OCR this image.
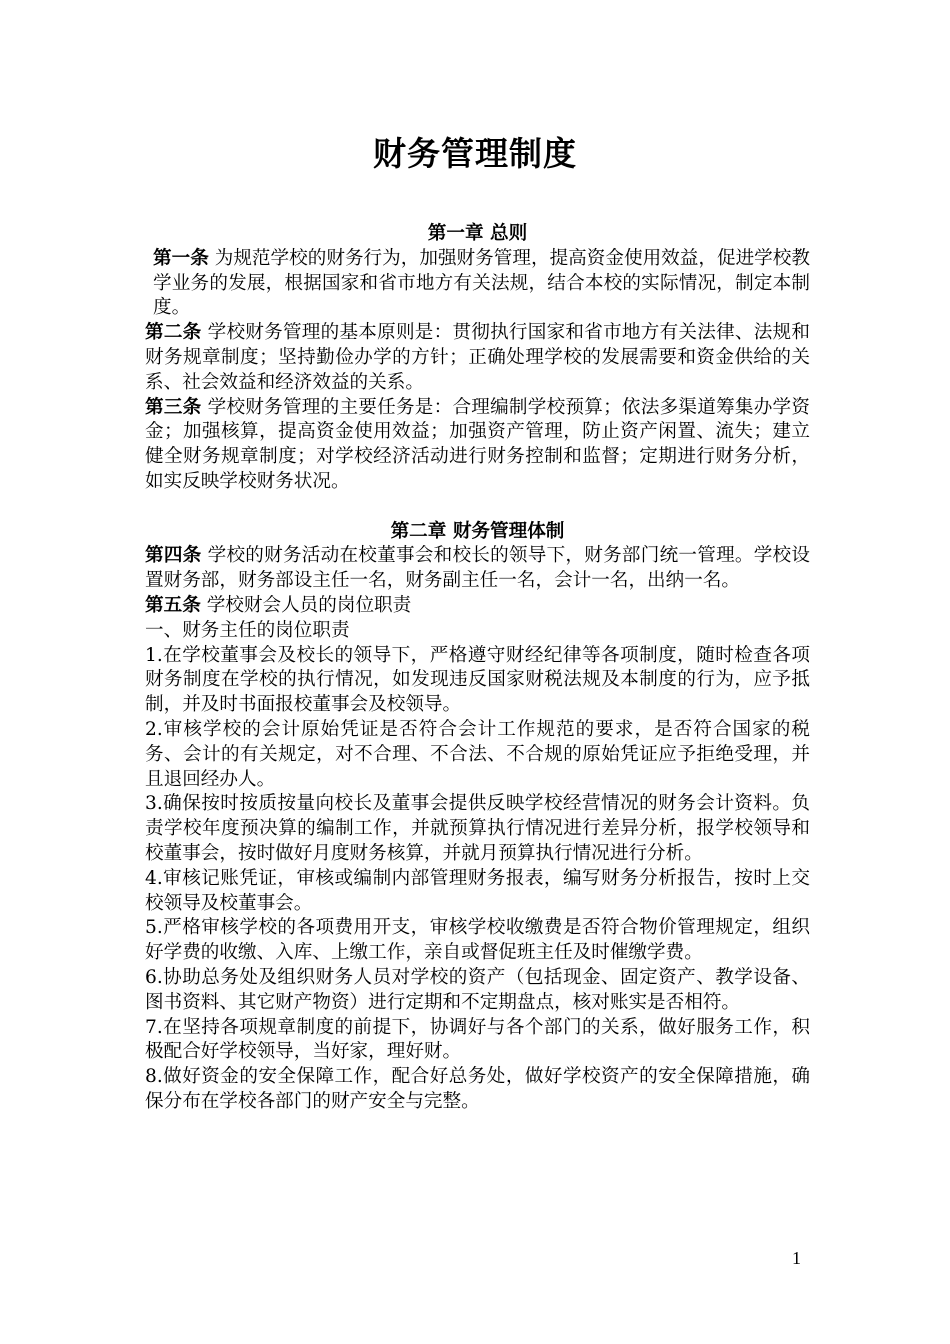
财务管理制度
第一章 总则

第一条 为规范学校的财务行为，加强财务管理，提高资金使用效益，促进学校教学业务的发展，根据国家和省市地方有关法规，结合本校的实际情况，制定本制度。

第二条 学校财务管理的基本原则是：贯彻执行国家和省市地方有关法律、法规和财务规章制度；坚持勤俭办学的方针；正确处理学校的发展需要和资金供给的关系、社会效益和经济效益的关系。

第三条 学校财务管理的主要任务是：合理编制学校预算；依法多渠道筹集办学资金；加强核算，提高资金使用效益；加强资产管理，防止资产闲置、流失；建立健全财务规章制度；对学校经济活动进行财务控制和监督；定期进行财务分析，如实反映学校财务状况。

第二章 财务管理体制

第四条 学校的财务活动在校董事会和校长的领导下，财务部门统一管理。学校设置财务部，财务部设主任一名，财务副主任一名，会计一名，出纳一名。

第五条 学校财会人员的岗位职责

一、财务主任的岗位职责

1.在学校董事会及校长的领导下，严格遵守财经纪律等各项制度，随时检查各项财务制度在学校的执行情况，如发现违反国家财税法规及本制度的行为，应予抵制，并及时书面报校董事会及校领导。

2.审核学校的会计原始凭证是否符合会计工作规范的要求，是否符合国家的税务、会计的有关规定，对不合理、不合法、不合规的原始凭证应予拒绝受理，并且退回经办人。

3.确保按时按质按量向校长及董事会提供反映学校经营情况的财务会计资料。负责学校年度预决算的编制工作，并就预算执行情况进行差异分析，报学校领导和校董事会，按时做好月度财务核算，并就月预算执行情况进行分析。

4.审核记账凭证，审核或编制内部管理财务报表，编写财务分析报告，按时上交校领导及校董事会。

5.严格审核学校的各项费用开支，审核学校收缴费是否符合物价管理规定，组织好学费的收缴、入库、上缴工作，亲自或督促班主任及时催缴学费。

6.协助总务处及组织财务人员对学校的资产（包括现金、固定资产、教学设备、图书资料、其它财产物资）进行定期和不定期盘点，核对账实是否相符。

7.在坚持各项规章制度的前提下，协调好与各个部门的关系，做好服务工作，积极配合好学校领导，当好家，理好财。

8.做好资金的安全保障工作，配合好总务处，做好学校资产的安全保障措施，确保分布在学校各部门的财产安全与完整。

1
